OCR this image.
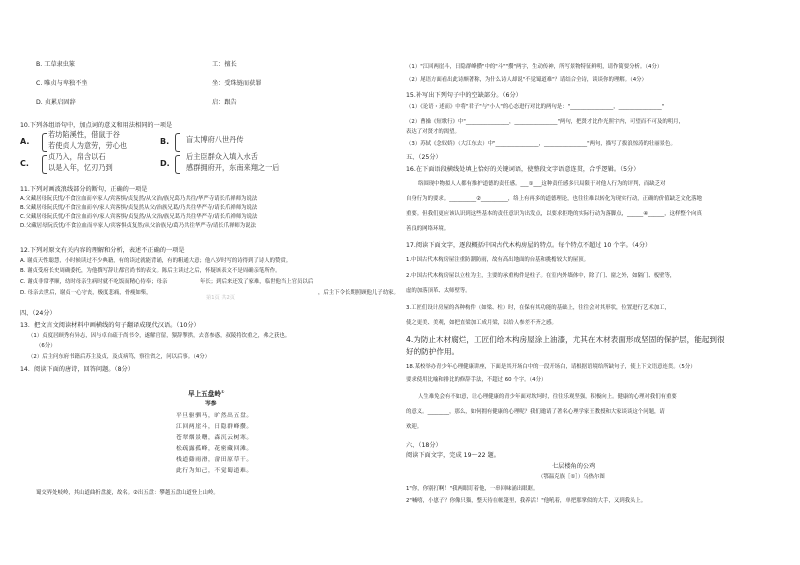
B. 工草隶虫篆	工：擅长
C. 唯贞与卑独不坐	坐：受珠链而获罪
D. 贞累启固辞	启：跟告
10.下列各组语句中，加点词的意义和用法相同的一项是
A.
若坊陷溪性，借鼠于谷
若使贞人为意劳，劳心也	B. 盲太博府八世丹传
C.
贞乃入，帛含以石
以是入年，忆刃乃到	D.
后主臣群众入填入水舌
感群拥府开，东南来翔之一后
11.下列对画波浪线部分的断句，正确的一项是
A.父藏居母阮氏忧/不食泣血而卒家人/宾客惧/贞复然/从父治/族兄葛乃共往/华严寺请长爪禅师为说法
B.父藏居母阮氏忧/不食泣血而卒/家人宾客惧/贞复然从父/治族兄葛/乃共往华严寺/请长爪禅师为说法
C.父藏居母阮氏忧/不食泣血而卒/家人宾客惧/贞复然/从父治/族兄葛乃共往华严寺/请长爪禅师为说法
D.父藏居母阮氏忧/不食泣血而卒家人/宾客惧贞复然/从父治族兄/葛乃共往华严寺/请长爪禅师为说法
12.下列对原文有关内容的理解和分析，表述不正确的一项是
A. 谢贞天性聪慧，小时候读过不少典籍，有的读过就能背诵，有的粗通大意；他八岁时写的诗得到了诗人的赞赏。
B. 谢贞受府长史周确委托，为他撰写辞让都官尚书的表文。陈后主读过之后，怀疑该表文不是周确亲笔所作。
C. 谢贞非常孝顺，幼时母亲生病时就不吃饭而精心侍奉；母亲	年长；到后来还发了家难，临世他当上官员以后
D. 母亲去世后，谢贞一心守丧，极度悲痛，骨瘦如柴，	，后主下令长期照顾他儿子幼家。
第1页 共2页
四、（24分）
13．把文言文阅读材料中画横线的句子翻译成现代汉语。（10分）
（1）贞度居顾秀有异志，因与卓自疏于尚书令，遂解官留，猥辞掣拱，去喜参惑，叔陵将饮重之，弗之获也。
（6分）
（2）后主问东府书籍后苏主及贞，及贞病笃，察往省之，问以后事。（4分）
14．阅读下面的唐诗，回答问题。（8分）
早上五盘岭①
岑参
平旦驱驷马，旷然出五盘。
江回两崖斗，日隐群峰攒。
苍翠烟景曙，森沉云树寒。
松疏露孤峰，花密藏回滩。
栈道谿雨滑，畲田原草干。
此行为知己，不觉蜀道难。
蜀交界处岐岭，其山道曲折盘旋，故名。②出五盘：攀越五盘山道登上山岭。
（1）"江回两崖斗，日隐群峰攒"中的"斗""攒"两字，生动传神，所写景物特征鲜明，请作简要分析。（4分）
（2）尾语方面看出此诗颇著称，为什么诗人却说"不觉蜀道难"？请结合全诗，谈谈你的理解。（4分）
15.补写出下列句子中的空缺部分。（6分）
（1）《论语・述而》中将"君子"与"小人"的心态进行对比的两句是："________________，________________"
（2）曹操《短歌行》中"________________，________________"两句，把贤才比作光照宇内，可望而不可及的明月，
表达了对贤才的渴望。
（3）苏轼《念奴娇》（大江东去）中"________________，________________"两句，描写了拔浪惊涛的壮丽景色。
五、（25分）
16.在下面语段横线处填上恰好的关键词语，使整段文字语意连贯，合乎逻辑。（5分）
络围现中物拟人人都有推护道德的责任感。___①___这种责任感多只局限于对他人行为的评判，而缺乏对
自身行为的要求。__________②__________，络上有再多的道德理论，也往往难以转化为现实行动，正确的价值缺乏文化落地
重要。但我们更应该认识到这些基本的责任意识为出发点，以要求拒绝的实际行动为落脚点，______④______，这样整个向真
善良的网络环境。
17.阅读下面文字，逐段概括中国古代木构房屋的特点。每个特点不超过 10 个字。（4分）
1.中国古代木构房屋注重防潮防雨，故有高出地面的台基和挑檐较大的屋顶。
2.中国古代木构房屋以立柱为主，主要的承重构件是柱子。在室内外墙体中，除了门、窗之外，如隔门、板壁等，
虚的加落顶革、太师壁等。
3.工匠们设计房屋的各种构件（如梁、柱）时，在保有其功能的基础上，往往会对其形状，位置进行艺术加工，
使之更美、美观，如把直梁加工成月梁，以给人参差不齐之感。
4.为防止木材腐烂，工匠们给木构房屋涂上油漆，尤其在木材表面形成坚固的保护层，能起到很
好的防护作用。
18.某校举办青少年心理健康讲座，下面是其开场白中的一段开场白，请根据语境给所缺句子，使上下文语意连贯。（5分）
要求使用比喻和排比的修辞手法，不超过 60 个字。（4分）
人生难免会有不如意，让心理健康的青少年面对坎坷时，往往乐观坚强，积极向上。健康的心理对我们有重要
的意义。________，那么，如何拥有健康的心理呢？我们邀请了著名心理学家王教授和大家谈谈这个问题，请
欢迎。
六、（18分）
阅读下面文字，完成 19～22 题。
七层楼角的公鸡
（鄂温克族［①］）乌热尔图
1"你，你别打啊！"我两眼盯着他，一串回味涌出眼眶。
2"喊嘻，小崽子？你像只猫，整天待在帐篷里，我养活！"他吼着，单把那掌似的大手，又到我头上。
